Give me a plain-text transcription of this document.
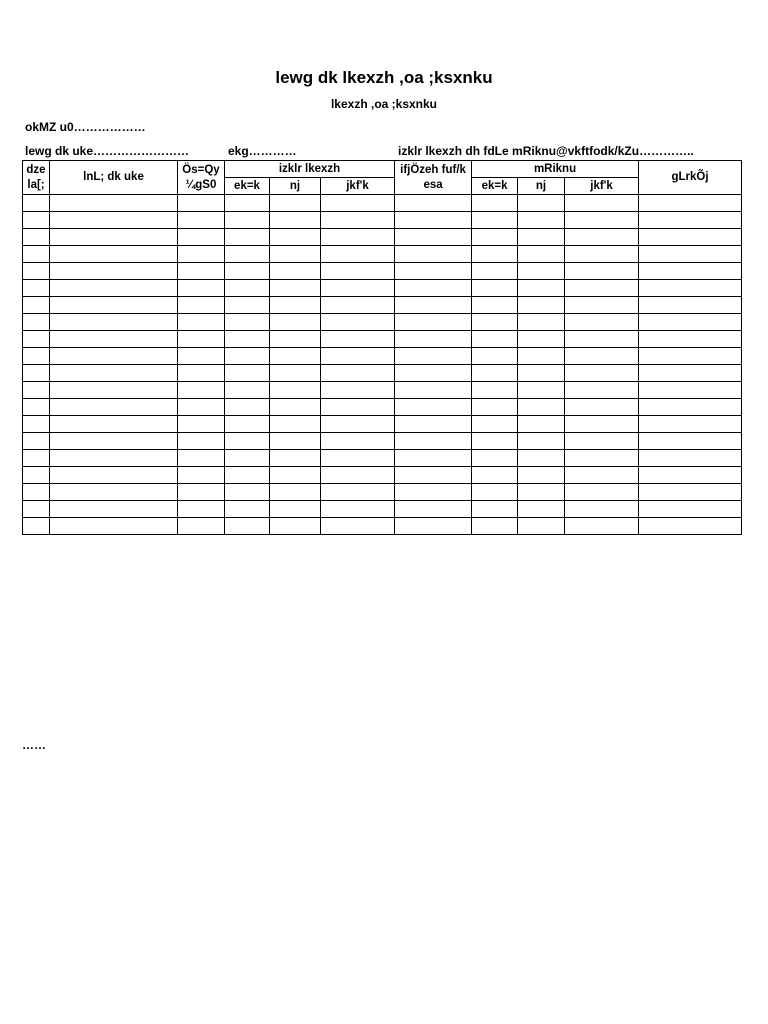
lewg dk lkexzh ,oa ;ksxnku
lkexzh ,oa ;ksxnku
okMZ u0………………
lewg dk uke……………………	ekg…………	izklr lkexzh dh fdLe mRiknu@vkftfodk/kZu…………..
dze la[;	lnL; dk uke	Ös=Qy ¼gS0	izklr lkexzh			ifjÖzeh fuf/k esa	mRiknu			gLrkÕj
			ek=k	nj	jkf'k		ek=k	nj	jkf'k	

……
